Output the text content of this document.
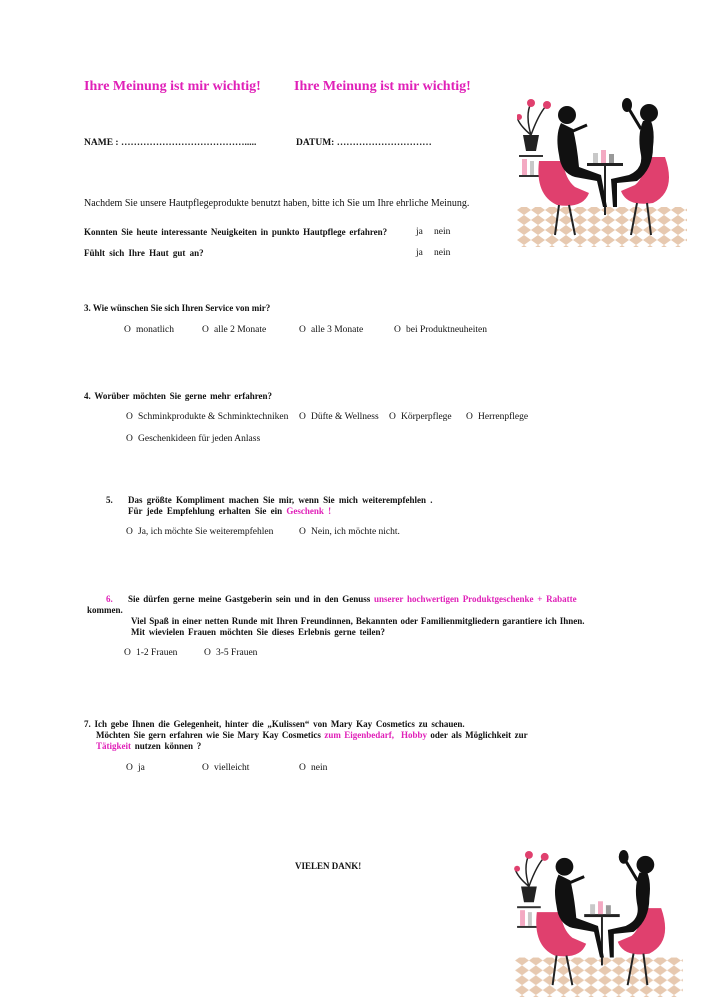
Ihre Meinung ist mir wichtig! Ihre Meinung ist mir wichtig!
NAME : ………………………………….....	DATUM: …………………………
Nachdem Sie unsere Hautpflegeprodukte benutzt haben, bitte ich Sie um Ihre ehrliche Meinung.
Konnten Sie heute interessante Neuigkeiten in punkto Hautpflege erfahren?	ja nein
Fühlt sich Ihre Haut gut an?	ja nein
3. Wie wünschen Sie sich Ihren Service von mir?
O monatlich	O alle 2 Monate	O alle 3 Monate	O bei Produktneuheiten
4. Worüber möchten Sie gerne mehr erfahren?
O Schminkprodukte & Schminktechniken O Düfte & Wellness O Körperpflege O Herrenpflege
O Geschenkideen für jeden Anlass
5. Das größte Kompliment machen Sie mir, wenn Sie mich weiterempfehlen .
Für jede Empfehlung erhalten Sie ein Geschenk !
O Ja, ich möchte Sie weiterempfehlen	O Nein, ich möchte nicht.
6. Sie dürfen gerne meine Gastgeberin sein und in den Genuss unserer hochwertigen Produktgeschenke + Rabatte
kommen.
Viel Spaß in einer netten Runde mit Ihren Freundinnen, Bekannten oder Familienmitgliedern garantiere ich Ihnen.
Mit wievielen Frauen möchten Sie dieses Erlebnis gerne teilen?
O 1-2 Frauen	O 3-5 Frauen
7. Ich gebe Ihnen die Gelegenheit, hinter die „Kulissen“ von Mary Kay Cosmetics zu schauen.
Möchten Sie gern erfahren wie Sie Mary Kay Cosmetics zum Eigenbedarf, Hobby oder als Möglichkeit zur
Tätigkeit nutzen können ?
O ja	O vielleicht	O nein
VIELEN DANK!
